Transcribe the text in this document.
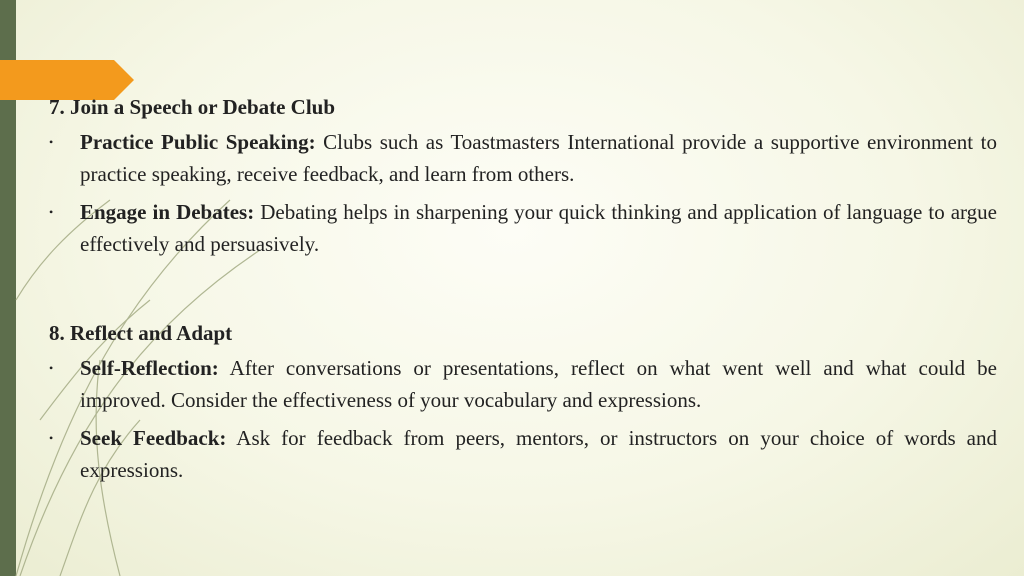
7. Join a Speech or Debate Club
• Practice Public Speaking: Clubs such as Toastmasters International provide a supportive environment to practice speaking, receive feedback, and learn from others.
• Engage in Debates: Debating helps in sharpening your quick thinking and application of language to argue effectively and persuasively.
8. Reflect and Adapt
• Self-Reflection: After conversations or presentations, reflect on what went well and what could be improved. Consider the effectiveness of your vocabulary and expressions.
• Seek Feedback: Ask for feedback from peers, mentors, or instructors on your choice of words and expressions.
